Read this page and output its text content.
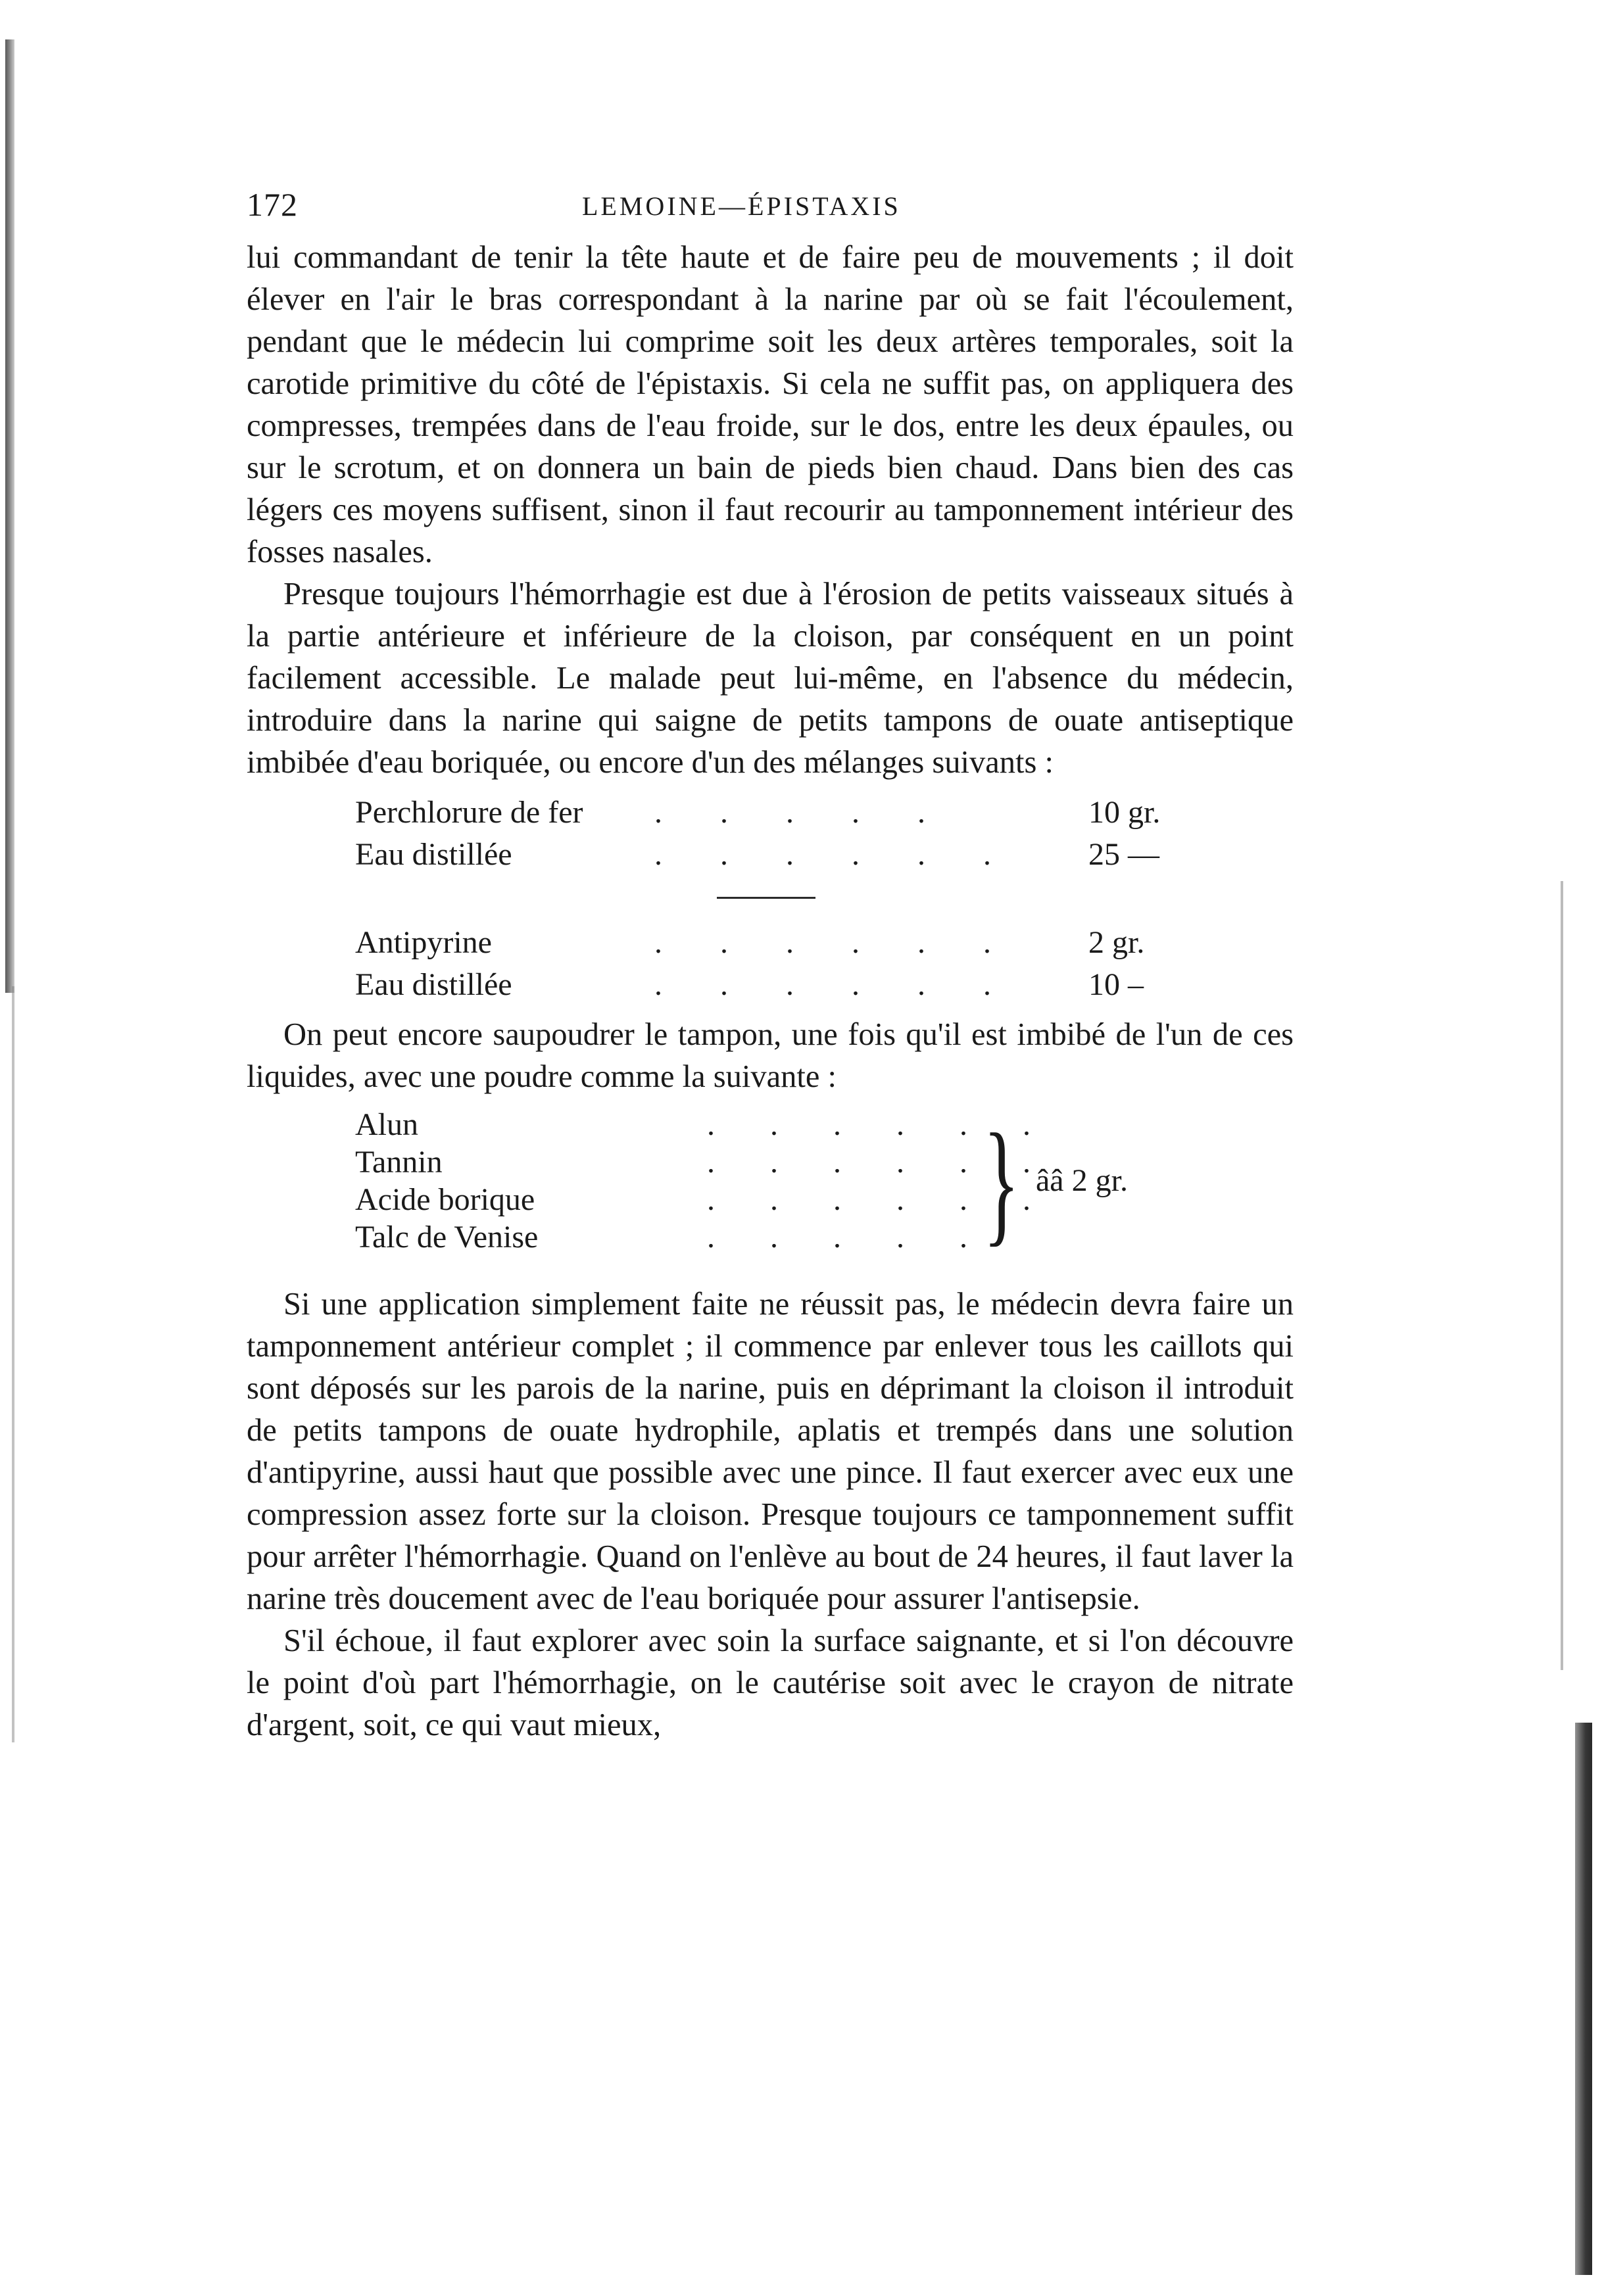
172	LEMOINE—ÉPISTAXIS

lui commandant de tenir la tête haute et de faire peu de mouvements ; il doit élever en l'air le bras correspondant à la narine par où se fait l'écoulement, pendant que le médecin lui comprime soit les deux artères temporales, soit la carotide primitive du côté de l'épistaxis. Si cela ne suffit pas, on appliquera des compresses, trempées dans de l'eau froide, sur le dos, entre les deux épaules, ou sur le scrotum, et on donnera un bain de pieds bien chaud. Dans bien des cas légers ces moyens suffisent, sinon il faut recourir au tamponnement intérieur des fosses nasales.

Presque toujours l'hémorrhagie est due à l'érosion de petits vaisseaux situés à la partie antérieure et inférieure de la cloison, par conséquent en un point facilement accessible. Le malade peut lui-même, en l'absence du médecin, introduire dans la narine qui saigne de petits tampons de ouate antiseptique imbibée d'eau boriquée, ou encore d'un des mélanges suivants :

Perchlorure de fer . . . . .	10 gr.
Eau distillée	. . . . . . 25 —
Antipyrine	. . . . . . 2 gr.
Eau distillée	. . . . . . 10 –

On peut encore saupoudrer le tampon, une fois qu'il est imbibé de l'un de ces liquides, avec une poudre comme la suivante :

Alun	. . . . . .
Tannin	. . . . . .
Acide borique	. . . . . .
Talc de Venise	. . . . .
} ââ 2 gr.

Si une application simplement faite ne réussit pas, le médecin devra faire un tamponnement antérieur complet ; il commence par enlever tous les caillots qui sont déposés sur les parois de la narine, puis en déprimant la cloison il introduit de petits tampons de ouate hydrophile, aplatis et trempés dans une solution d'antipyrine, aussi haut que possible avec une pince. Il faut exercer avec eux une compression assez forte sur la cloison. Presque toujours ce tamponnement suffit pour arrêter l'hémorrhagie. Quand on l'enlève au bout de 24 heures, il faut laver la narine très doucement avec de l'eau boriquée pour assurer l'antisepsie.

S'il échoue, il faut explorer avec soin la surface saignante, et si l'on découvre le point d'où part l'hémorrhagie, on le cautérise soit avec le crayon de nitrate d'argent, soit, ce qui vaut mieux,
